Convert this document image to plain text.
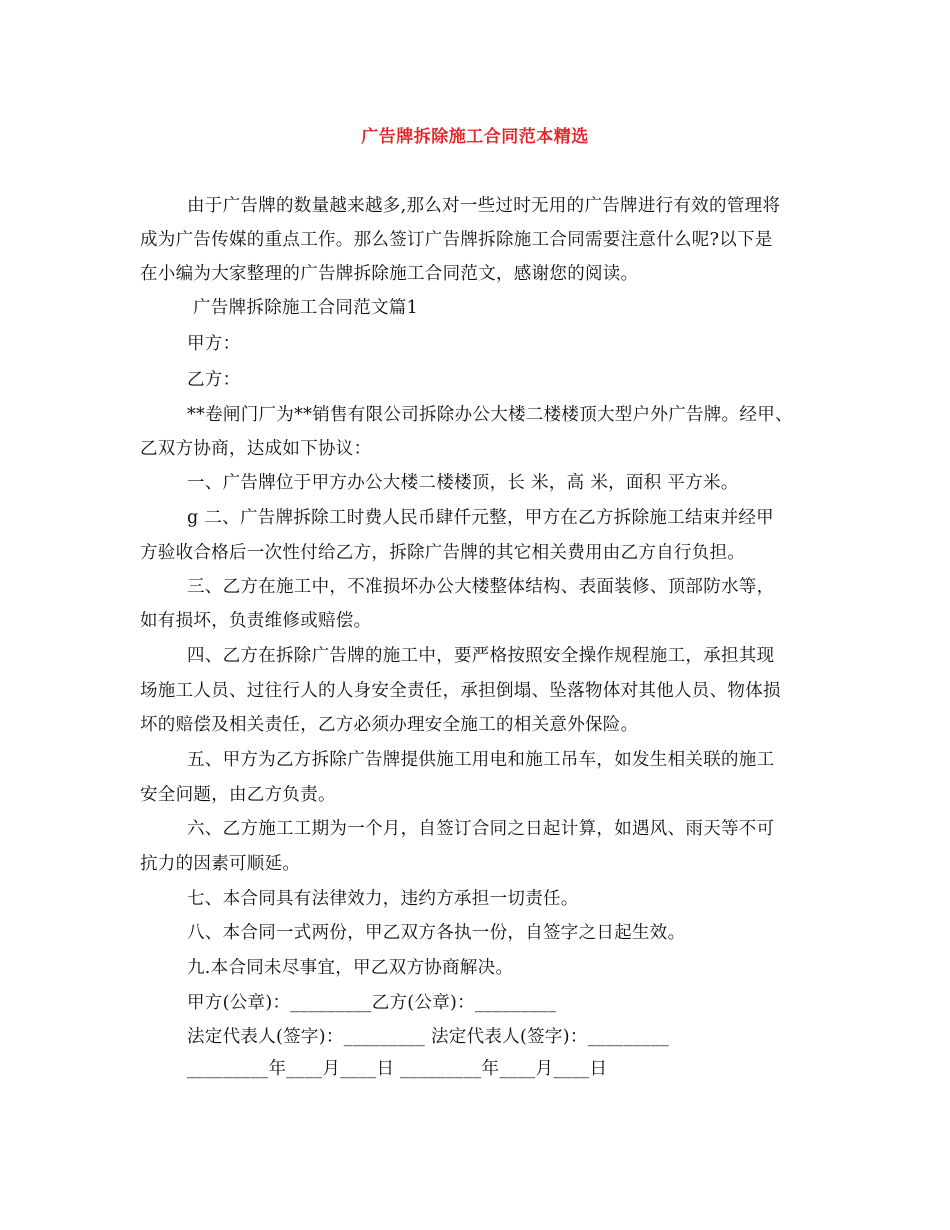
广告牌拆除施工合同范本精选
由于广告牌的数量越来越多,那么对一些过时无用的广告牌进行有效的管理将
成为广告传媒的重点工作。那么签订广告牌拆除施工合同需要注意什么呢?以下是
在小编为大家整理的广告牌拆除施工合同范文，感谢您的阅读。
广告牌拆除施工合同范文篇1
甲方：
乙方：
**卷闸门厂为**销售有限公司拆除办公大楼二楼楼顶大型户外广告牌。经甲、
乙双方协商，达成如下协议：
一、广告牌位于甲方办公大楼二楼楼顶，长 米，高 米，面积 平方米。
g 二、广告牌拆除工时费人民币肆仟元整，甲方在乙方拆除施工结束并经甲
方验收合格后一次性付给乙方，拆除广告牌的其它相关费用由乙方自行负担。
三、乙方在施工中，不准损坏办公大楼整体结构、表面装修、顶部防水等，
如有损坏，负责维修或赔偿。
四、乙方在拆除广告牌的施工中，要严格按照安全操作规程施工，承担其现
场施工人员、过往行人的人身安全责任，承担倒塌、坠落物体对其他人员、物体损
坏的赔偿及相关责任，乙方必须办理安全施工的相关意外保险。
五、甲方为乙方拆除广告牌提供施工用电和施工吊车，如发生相关联的施工
安全问题，由乙方负责。
六、乙方施工工期为一个月，自签订合同之日起计算，如遇风、雨天等不可
抗力的因素可顺延。
七、本合同具有法律效力，违约方承担一切责任。
八、本合同一式两份，甲乙双方各执一份，自签字之日起生效。
九.本合同未尽事宜，甲乙双方协商解决。
甲方(公章)：_________乙方(公章)：_________
法定代表人(签字)：_________ 法定代表人(签字)：_________
_________年____月____日 _________年____月____日
